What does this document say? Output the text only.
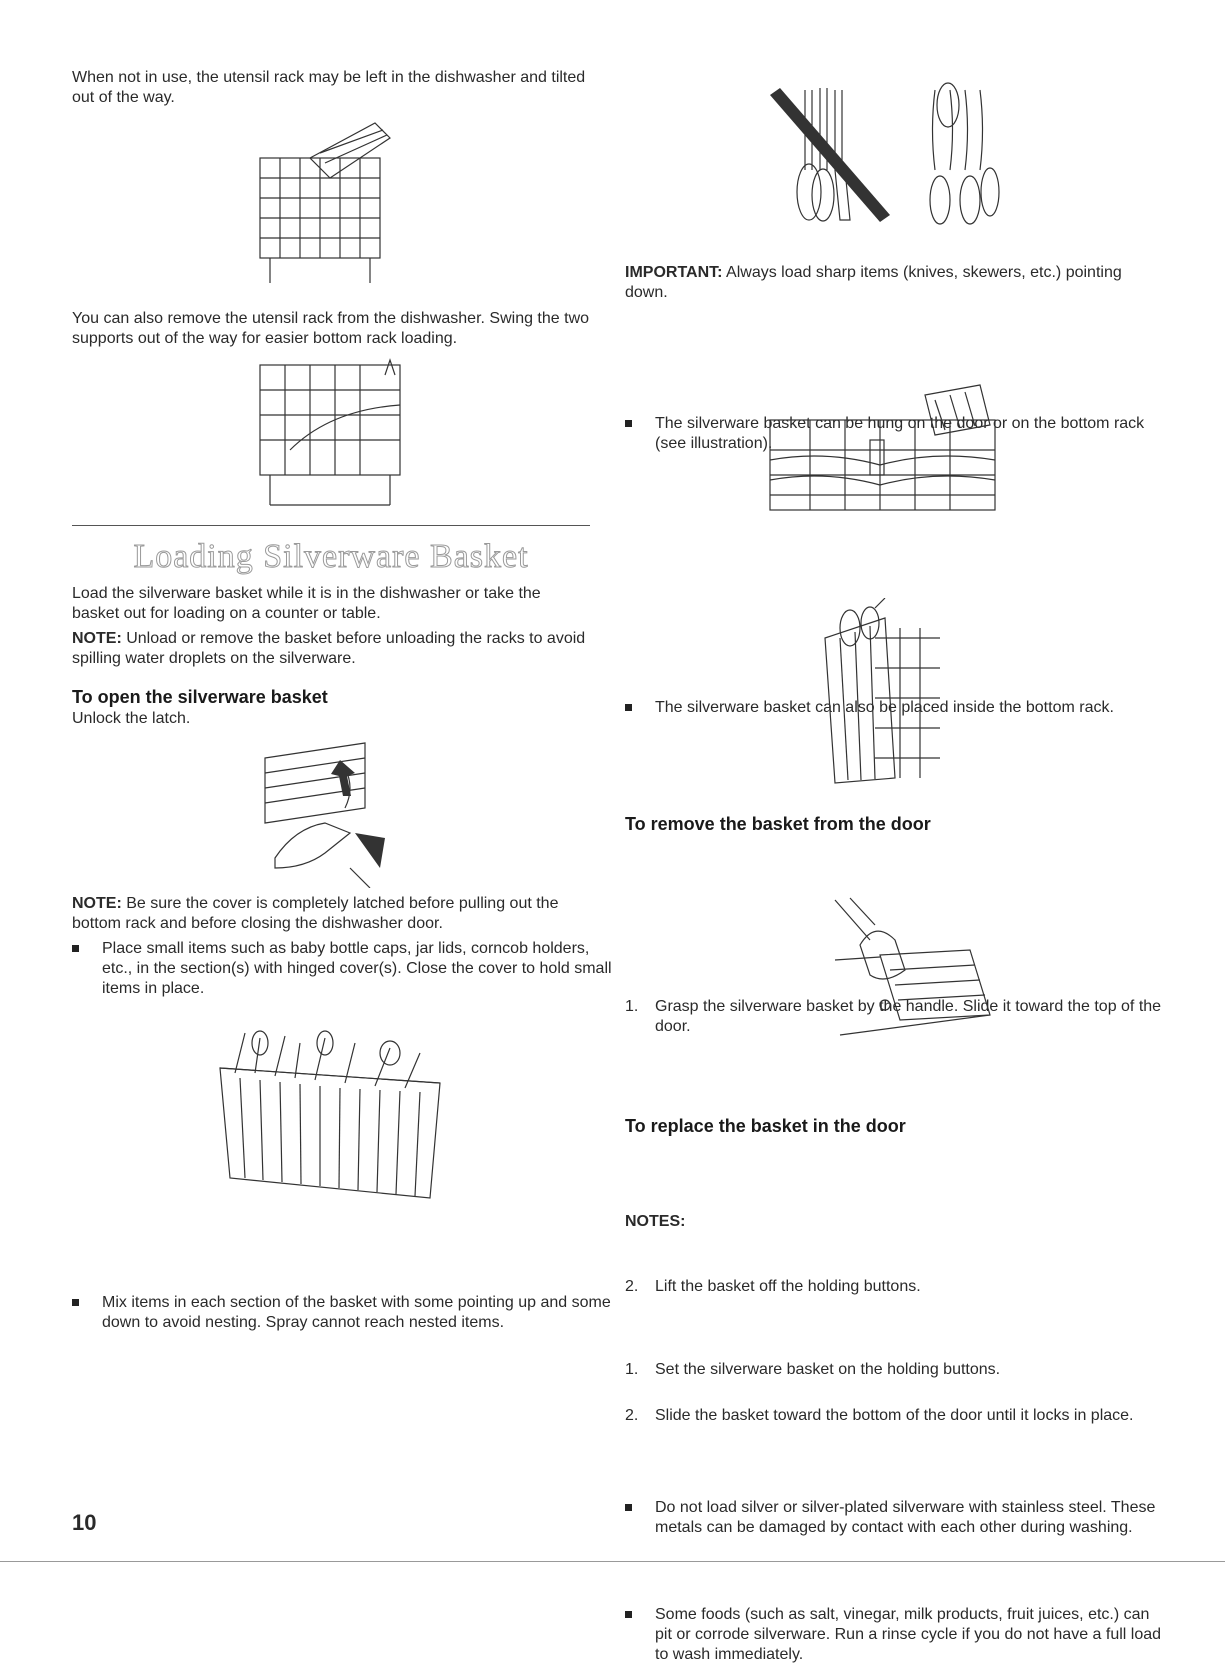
When not in use, the utensil rack may be left in the dishwasher and tilted out of the way.

You can also remove the utensil rack from the dishwasher. Swing the two supports out of the way for easier bottom rack loading.

Loading Silverware Basket

Load the silverware basket while it is in the dishwasher or take the basket out for loading on a counter or table.

NOTE: Unload or remove the basket before unloading the racks to avoid spilling water droplets on the silverware.

To open the silverware basket

Unlock the latch.

NOTE: Be sure the cover is completely latched before pulling out the bottom rack and before closing the dishwasher door.

Place small items such as baby bottle caps, jar lids, corncob holders, etc., in the section(s) with hinged cover(s). Close the cover to hold small items in place.
Mix items in each section of the basket with some pointing up and some down to avoid nesting. Spray cannot reach nested items.

IMPORTANT: Always load sharp items (knives, skewers, etc.) pointing down.

The silverware basket can be hung on the door or on the bottom rack (see illustration).
The silverware basket can also be placed inside the bottom rack.

To remove the basket from the door

1. Grasp the silverware basket by the handle. Slide it toward the top of the door.
2. Lift the basket off the holding buttons.

To replace the basket in the door

1. Set the silverware basket on the holding buttons.
2. Slide the basket toward the bottom of the door until it locks in place.

NOTES:

Do not load silver or silver-plated silverware with stainless steel. These metals can be damaged by contact with each other during washing.
Some foods (such as salt, vinegar, milk products, fruit juices, etc.) can pit or corrode silverware. Run a rinse cycle if you do not have a full load to wash immediately.
10
